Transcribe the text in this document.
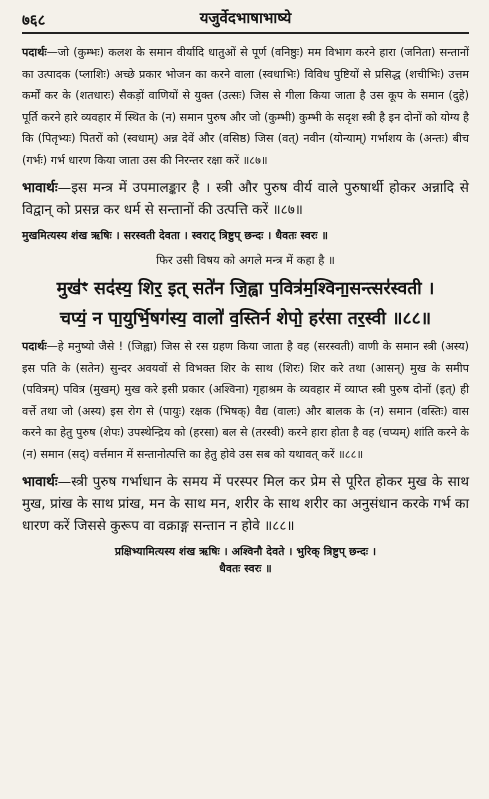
७६८	यजुर्वेदभाषाभाष्ये

पदार्थः—जो (कुम्भः) कलश के समान वीर्यादि धातुओं से पूर्ण (वनिष्ठुः) मम विभाग करने हारा (जनिता) सन्तानों का उत्पादक (प्लाशिः) अच्छे प्रकार भोजन का करने वाला (स्वधाभिः) विविध पुष्टियों से प्रसिद्ध (शचीभिः) उत्तम कर्मों कर के (शतधारः) सैकड़ों वाणियों से युक्त (उत्सः) जिस से गीला किया जाता है उस कूप के समान (दुहे) पूर्ति करने हारे व्यवहार में स्थित के (न) समान पुरुष और जो (कुम्भी) कुम्भी के सदृश स्त्री है इन दोनों को योग्य है कि (पितृभ्यः) पितरों को (स्वधाम्) अन्न देवें और (वसिष्ठ) जिस (वत्) नवीन (योन्याम्) गर्भाशय के (अन्तः) बीच (गर्भः) गर्भ धारण किया जाता उस की निरन्तर रक्षा करें ॥८७॥

भावार्थः—इस मन्त्र में उपमालङ्कार है । स्त्री और पुरुष वीर्य वाले पुरुषार्थी होकर अन्नादि से विद्वान् को प्रसन्न कर धर्म से सन्तानों की उत्पत्ति करें ॥८७॥

मुखमित्यस्य शंख ऋषिः । सरस्वती देवता । स्वराट् त्रिष्टुप् छन्दः । धैवतः स्वरः ॥

फिर उसी विषय को अगले मन्त्र में कहा है ॥

मुख॑ꣳ सद॑स्य॒ शिर॒ इत् सते॑न जि॒ह्वा प॒वित्र॑म॒श्विना॒सन्त्सर॑स्वती ।

चप्यं॒ न पा॒युर्भि॒षग॑स्य॒ वालो॑ व॒स्तिर्न शेपो॒ हर॑सा तर॒स्वी ॥८८॥

पदार्थः—हे मनुष्यो जैसे ! (जिह्वा) जिस से रस ग्रहण किया जाता है वह (सरस्वती) वाणी के समान स्त्री (अस्य) इस पति के (सतेन) सुन्दर अवयवों से विभक्त शिर के साथ (शिरः) शिर करे तथा (आसन्) मुख के समीप (पवित्रम्) पवित्र (मुखम्) मुख करे इसी प्रकार (अश्विना) गृहाश्रम के व्यवहार में व्याप्त स्त्री पुरुष दोनों (इत्) ही वर्त्ते तथा जो (अस्य) इस रोग से (पायुः) रक्षक (भिषक्) वैद्य (वालः) और बालक के (न) समान (वस्तिः) वास करने का हेतु पुरुष (शेपः) उपस्थेन्द्रिय को (हरसा) बल से (तरस्वी) करने हारा होता है वह (चप्यम्) शांति करने के (न) समान (सद्) वर्त्तमान में सन्तानोत्पत्ति का हेतु होवे उस सब को यथावत् करें ॥८८॥

भावार्थः—स्त्री पुरुष गर्भाधान के समय में परस्पर मिल कर प्रेम से पूरित होकर मुख के साथ मुख, प्रांख के साथ प्रांख, मन के साथ मन, शरीर के साथ शरीर का अनुसंधान करके गर्भ का धारण करें जिससे कुरूप वा वक्राङ्ग सन्तान न होवे ॥८८॥

प्रक्षिभ्यामित्यस्य शंख ऋषिः । अश्विनौ देवते । भुरिक् त्रिष्टुप् छन्दः ।

धैवतः स्वरः ॥
